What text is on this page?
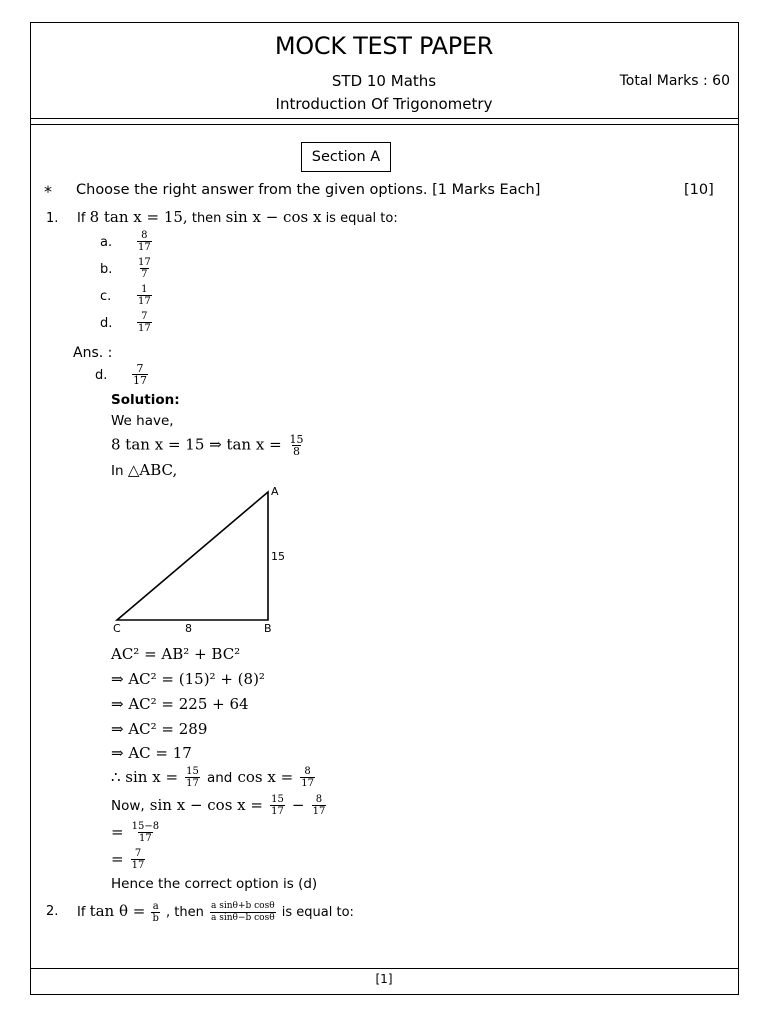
MOCK TEST PAPER
STD 10 Maths
Introduction Of Trigonometry
Total Marks : 60
Section A
* Choose the right answer from the given options. [1 Marks Each]	[10]
1. If 8 tan x = 15, then sin x − cos x is equal to:
a. $\frac{8}{17}$
b. $\frac{17}{7}$
c.	$\frac{1}{17}$
d. $\frac{7}{17}$
Ans. :
d. $\frac{7}{17}$
Solution:
We have,
8 tan x = 15 ⇒ $\tan x = \frac{15}{8}$
In △ABC,
A
B
C
15
8
AC² = AB² + BC²
⇒ AC² = (15)² + (8)²
⇒ AC² = 225 + 64
⇒ AC² = 289
⇒ AC = 17
∴ $\sin x = \frac{15}{17}$ and $\cos x = \frac{8}{17}$
Now, $\sin x - \cos x = \frac{15}{17} - \frac{8}{17}$
= $\frac{15-8}{17}$
= $\frac{7}{17}$
Hence the correct option is (d)
2. If $\tan \theta = \frac{a}{b}$ , then $\frac{\text{a sinθ+b cosθ}}{\text{a sinθ−b cosθ}}$ is equal to:
[1]
